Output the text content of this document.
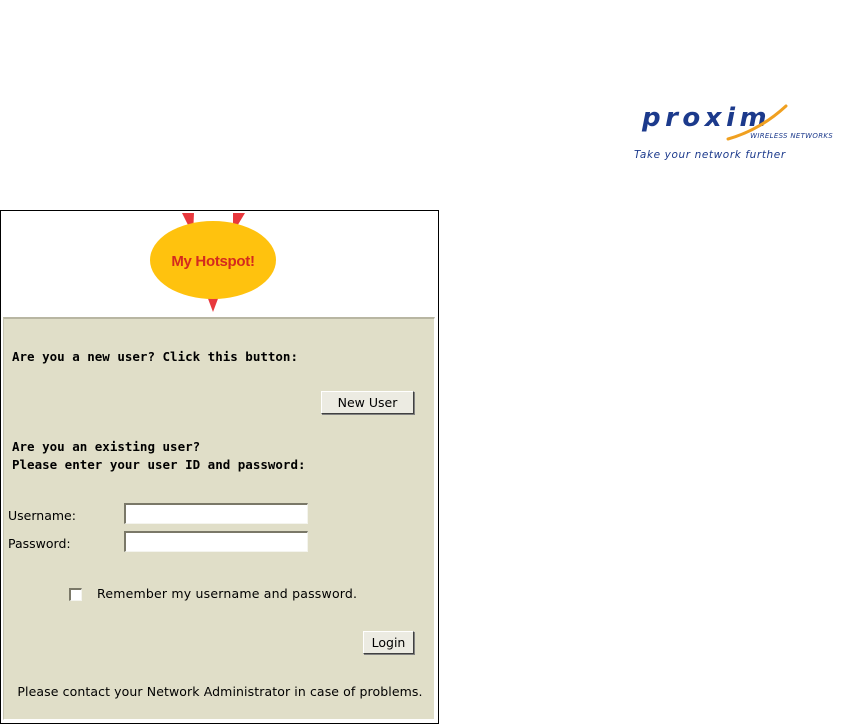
proxim
WIRELESS NETWORKS
Take your network further
My Hotspot!
Are you a new user? Click this button:
New User
Are you an existing user?
Please enter your user ID and password:
Username:
Password:
Remember my username and password.
Login
Please contact your Network Administrator in case of problems.
